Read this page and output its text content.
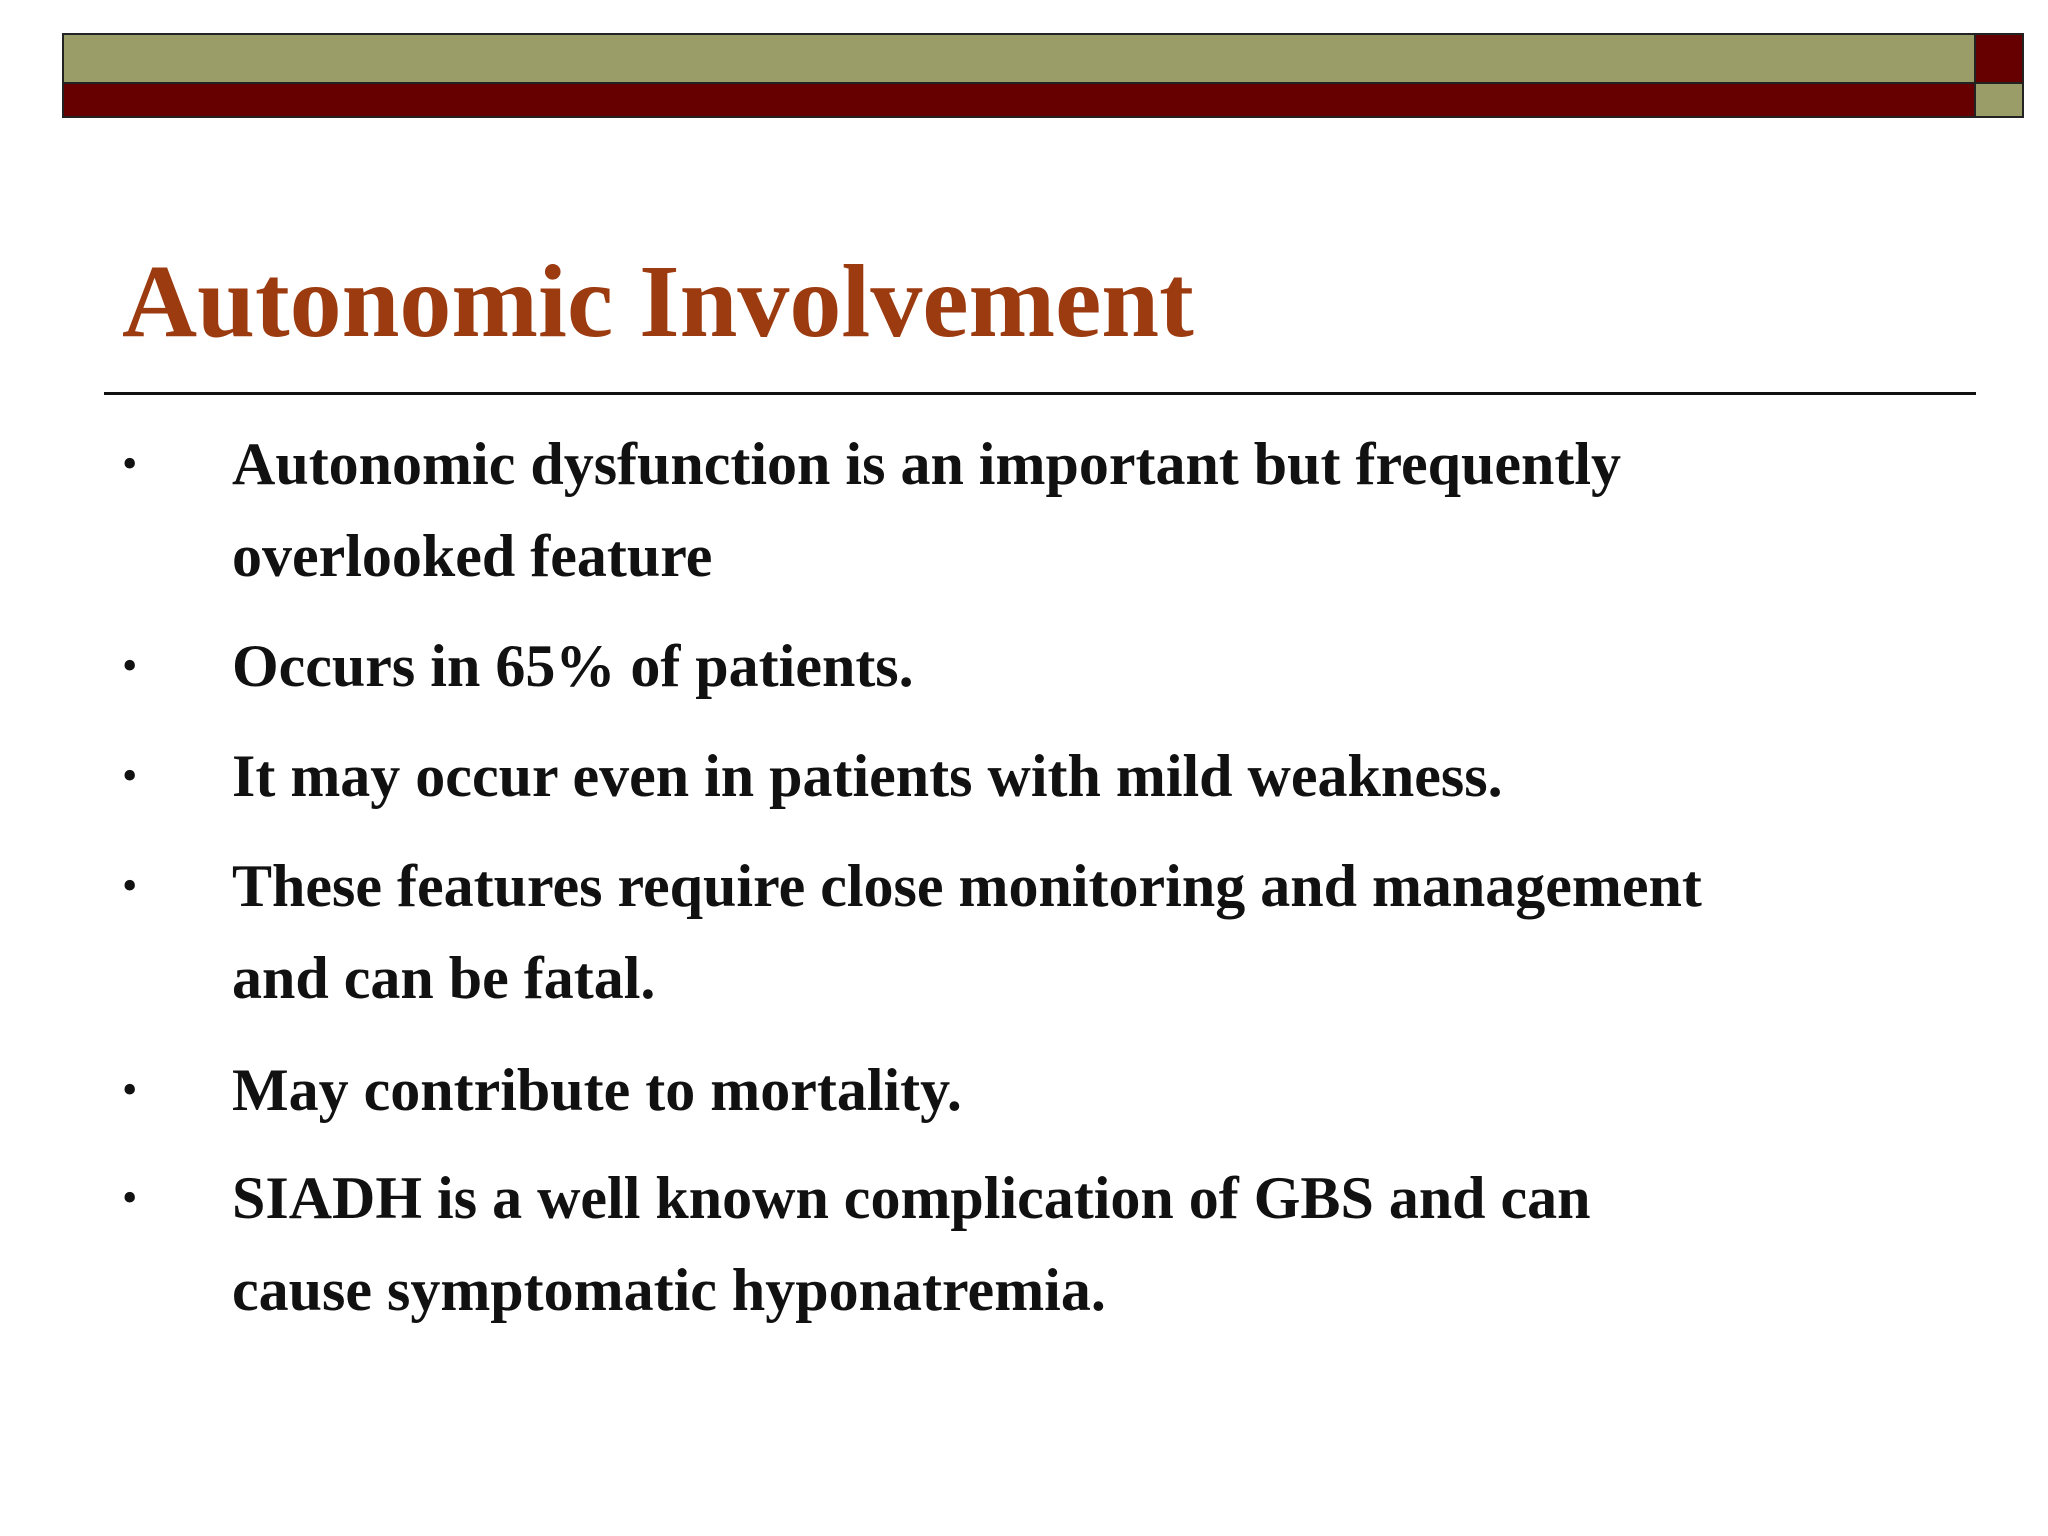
Autonomic Involvement
• Autonomic dysfunction is an important but frequently
overlooked feature
• Occurs in 65% of patients.
• It may occur even in patients with mild weakness.
• These features require close monitoring and management
and can be fatal.
• May contribute to mortality.
• SIADH is a well known complication of GBS and can
cause symptomatic hyponatremia.
